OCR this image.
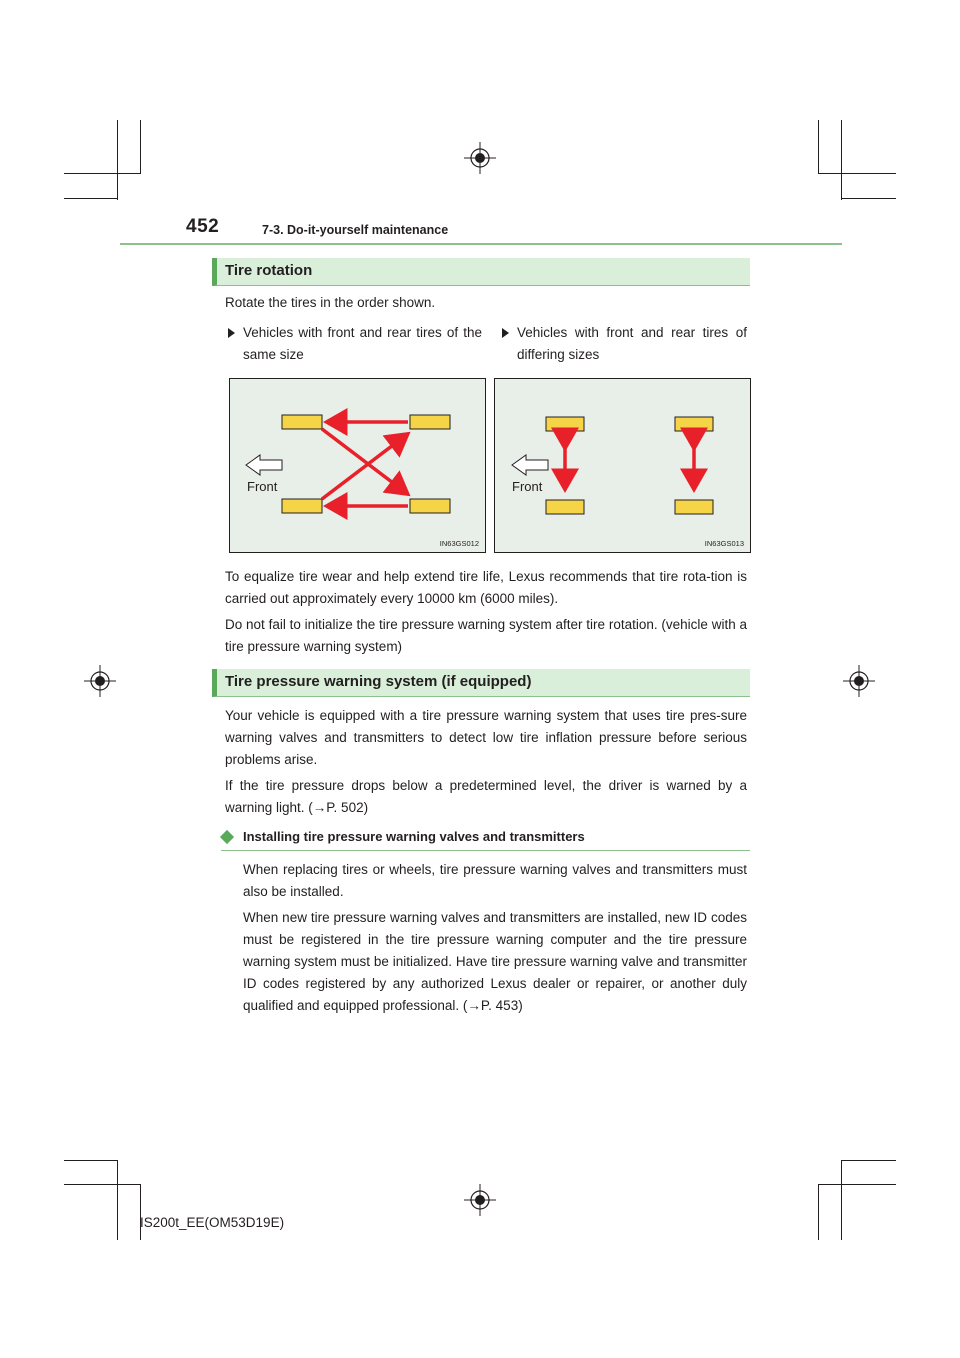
452	7-3. Do-it-yourself maintenance
Tire rotation
Rotate the tires in the order shown.
Vehicles with front and rear tires of the same size
Vehicles with front and rear tires of differing sizes
Front
IN63GS012
Front
IN63GS013
To equalize tire wear and help extend tire life, Lexus recommends that tire rota-tion is carried out approximately every 10000 km (6000 miles).
Do not fail to initialize the tire pressure warning system after tire rotation. (vehicle with a tire pressure warning system)
Tire pressure warning system (if equipped)
Your vehicle is equipped with a tire pressure warning system that uses tire pres-sure warning valves and transmitters to detect low tire inflation pressure before serious problems arise.
If the tire pressure drops below a predetermined level, the driver is warned by a warning light. (→P. 502)
Installing tire pressure warning valves and transmitters
When replacing tires or wheels, tire pressure warning valves and transmitters must also be installed.
When new tire pressure warning valves and transmitters are installed, new ID codes must be registered in the tire pressure warning computer and the tire pressure warning system must be initialized. Have tire pressure warning valve and transmitter ID codes registered by any authorized Lexus dealer or repairer, or another duly qualified and equipped professional. (→P. 453)
IS200t_EE(OM53D19E)
